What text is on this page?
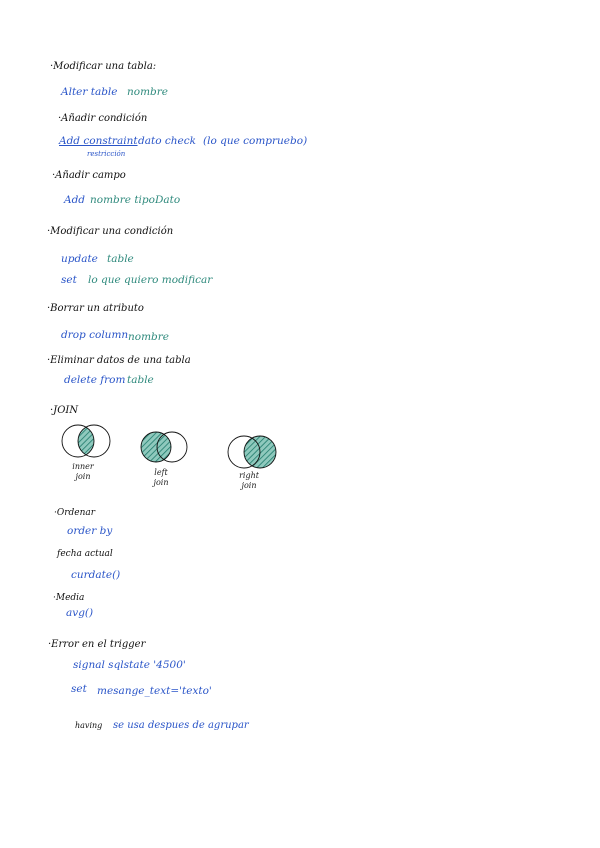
·Modificar una tabla:
Alter table nombre
·Añadir condición
Add constraint
restricción
dato check (lo que compruebo)
·Añadir campo
Add nombre tipoDato
·Modificar una condición
update table
set lo que quiero modificar
·Borrar un atributo
drop column nombre
·Eliminar datos de una tabla
delete from table
·JOIN
inner
join	left
join
right
join
·Ordenar
order by
fecha actual
curdate()
·Media
avg()
·Error en el trigger
signal sqlstate '4500'
set mesange_text='texto'
having se usa despues de agrupar
